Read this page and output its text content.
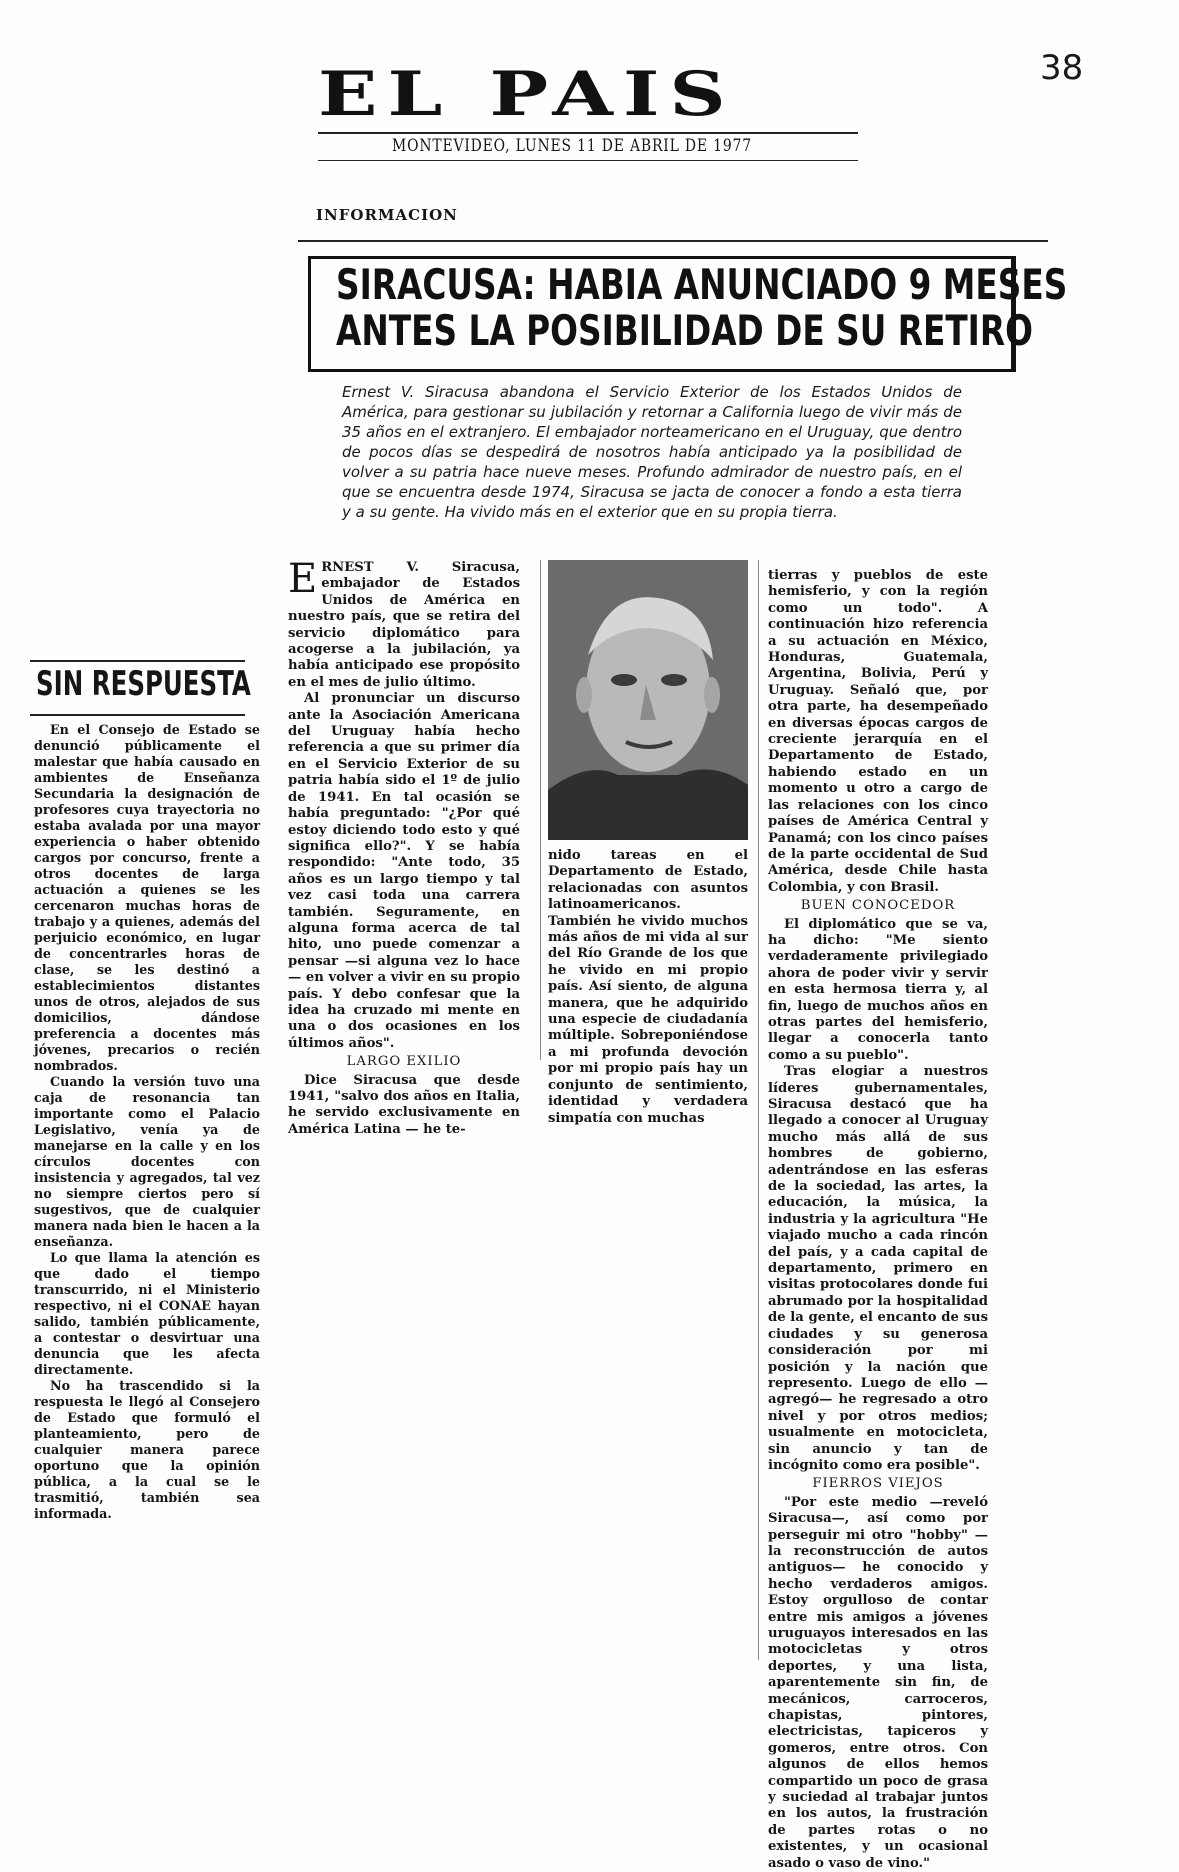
38
EL PAIS
MONTEVIDEO, LUNES 11 DE ABRIL DE 1977
INFORMACION
SIRACUSA: HABIA ANUNCIADO 9 MESES
ANTES LA POSIBILIDAD DE SU RETIRO
Ernest V. Siracusa abandona el Servicio Exterior de los Estados Unidos de América, para gestionar su jubilación y retornar a California luego de vivir más de 35 años en el extranjero. El embajador norteamericano en el Uruguay, que dentro de pocos días se despedirá de nosotros había anticipado ya la posibilidad de volver a su patria hace nueve meses. Profundo admirador de nuestro país, en el que se encuentra desde 1974, Siracusa se jacta de conocer a fondo a esta tierra y a su gente. Ha vivido más en el exterior que en su propia tierra.

ERNEST V. Siracusa, embajador de Estados Unidos de América en nuestro país, que se retira del servicio diplomático para acogerse a la jubilación, ya había anticipado ese propósito en el mes de julio último.

Al pronunciar un discurso ante la Asociación Americana del Uruguay había hecho referencia a que su primer día en el Servicio Exterior de su patria había sido el 1º de julio de 1941. En tal ocasión se había preguntado: "¿Por qué estoy diciendo todo esto y qué significa ello?". Y se había respondido: "Ante todo, 35 años es un largo tiempo y tal vez casi toda una carrera también. Seguramente, en alguna forma acerca de tal hito, uno puede comenzar a pensar —si alguna vez lo hace— en volver a vivir en su propio país. Y debo confesar que la idea ha cruzado mi mente en una o dos ocasiones en los últimos años".

LARGO EXILIO

Dice Siracusa que desde 1941, "salvo dos años en Italia, he servido exclusivamente en América Latina — he te-

nido tareas en el Departamento de Estado, relacionadas con asuntos latinoamericanos. También he vivido muchos más años de mi vida al sur del Río Grande de los que he vivido en mi propio país. Así siento, de alguna manera, que he adquirido una especie de ciudadanía múltiple. Sobreponiéndose a mi profunda devoción por mi propio país hay un conjunto de sentimiento, identidad y verdadera simpatía con muchas

tierras y pueblos de este hemisferio, y con la región como un todo". A continuación hizo referencia a su actuación en México, Honduras, Guatemala, Argentina, Bolivia, Perú y Uruguay. Señaló que, por otra parte, ha desempeñado en diversas épocas cargos de creciente jerarquía en el Departamento de Estado, habiendo estado en un momento u otro a cargo de las relaciones con los cinco países de América Central y Panamá; con los cinco países de la parte occidental de Sud América, desde Chile hasta Colombia, y con Brasil.

BUEN CONOCEDOR

El diplomático que se va, ha dicho: "Me siento verdaderamente privilegiado ahora de poder vivir y servir en esta hermosa tierra y, al fin, luego de muchos años en otras partes del hemisferio, llegar a conocerla tanto como a su pueblo".

Tras elogiar a nuestros líderes gubernamentales, Siracusa destacó que ha llegado a conocer al Uruguay mucho más allá de sus hombres de gobierno, adentrándose en las esferas de la sociedad, las artes, la educación, la música, la industria y la agricultura "He viajado mucho a cada rincón del país, y a cada capital de departamento, primero en visitas protocolares donde fui abrumado por la hospitalidad de la gente, el encanto de sus ciudades y su generosa consideración por mi posición y la nación que represento. Luego de ello —agregó— he regresado a otro nivel y por otros medios; usualmente en motocicleta, sin anuncio y tan de incógnito como era posible".

FIERROS VIEJOS

"Por este medio —reveló Siracusa—, así como por perseguir mi otro "hobby" —la reconstrucción de autos antiguos— he conocido y hecho verdaderos amigos. Estoy orgulloso de contar entre mis amigos a jóvenes uruguayos interesados en las motocicletas y otros deportes, y una lista, aparentemente sin fin, de mecánicos, carroceros, chapistas, pintores, electricistas, tapiceros y gomeros, entre otros. Con algunos de ellos hemos compartido un poco de grasa y suciedad al trabajar juntos en los autos, la frustración de partes rotas o no existentes, y un ocasional asado o vaso de vino."

SIN RESPUESTA

En el Consejo de Estado se denunció públicamente el malestar que había causado en ambientes de Enseñanza Secundaria la designación de profesores cuya trayectoria no estaba avalada por una mayor experiencia o haber obtenido cargos por concurso, frente a otros docentes de larga actuación a quienes se les cercenaron muchas horas de trabajo y a quienes, además del perjuicio económico, en lugar de concentrarles horas de clase, se les destinó a establecimientos distantes unos de otros, alejados de sus domicilios, dándose preferencia a docentes más jóvenes, precarios o recién nombrados.

Cuando la versión tuvo una caja de resonancia tan importante como el Palacio Legislativo, venía ya de manejarse en la calle y en los círculos docentes con insistencia y agregados, tal vez no siempre ciertos pero sí sugestivos, que de cualquier manera nada bien le hacen a la enseñanza.

Lo que llama la atención es que dado el tiempo transcurrido, ni el Ministerio respectivo, ni el CONAE hayan salido, también públicamente, a contestar o desvirtuar una denuncia que les afecta directamente.

No ha trascendido si la respuesta le llegó al Consejero de Estado que formuló el planteamiento, pero de cualquier manera parece oportuno que la opinión pública, a la cual se le trasmitió, también sea informada.
